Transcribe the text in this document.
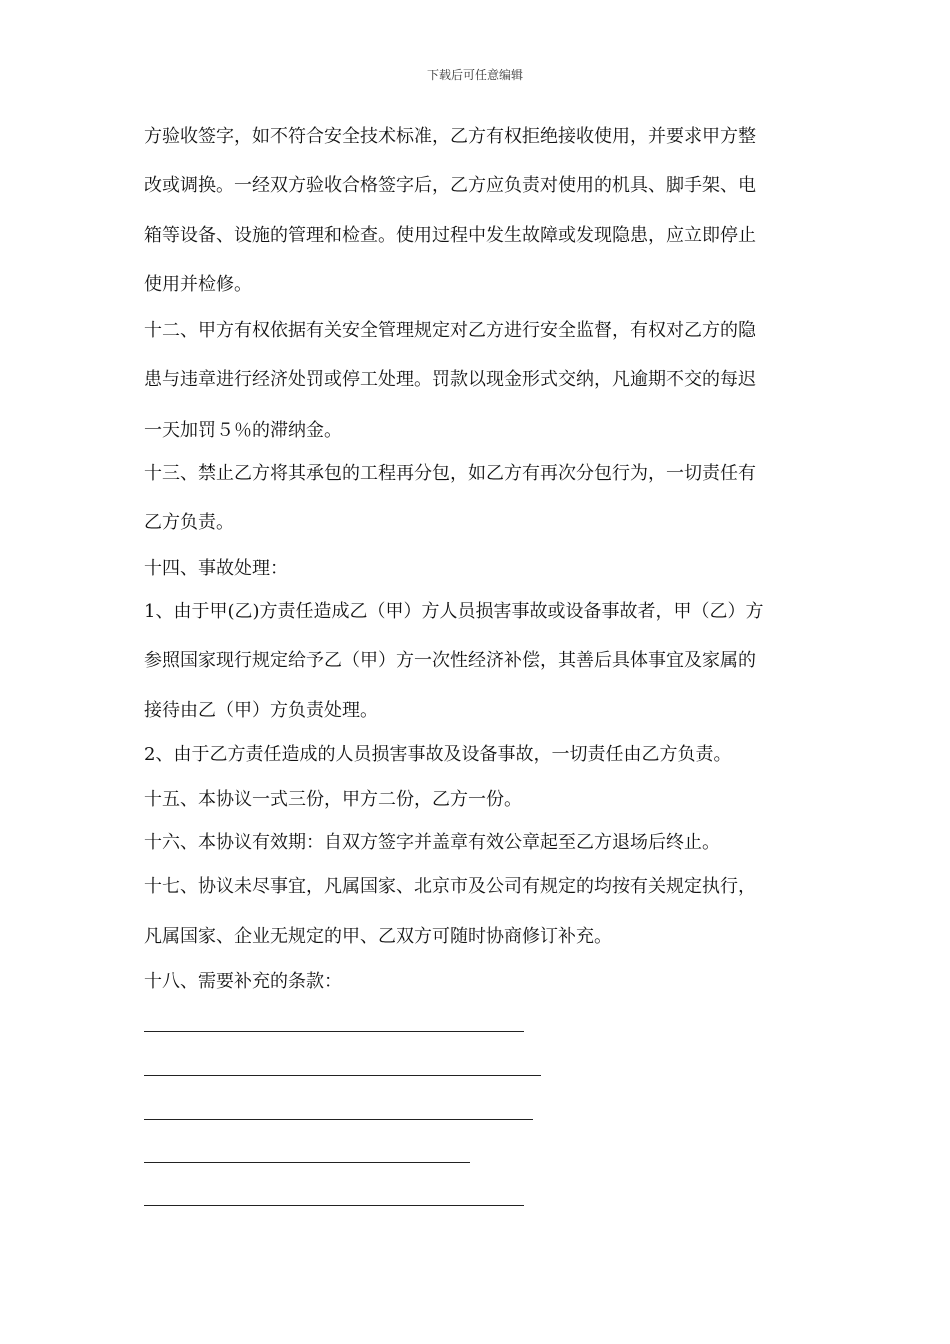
下载后可任意编辑
方验收签字，如不符合安全技术标准，乙方有权拒绝接收使用，并要求甲方整
改或调换。一经双方验收合格签字后，乙方应负责对使用的机具、脚手架、电
箱等设备、设施的管理和检查。使用过程中发生故障或发现隐患，应立即停止
使用并检修。
十二、甲方有权依据有关安全管理规定对乙方进行安全监督，有权对乙方的隐
患与违章进行经济处罚或停工处理。罚款以现金形式交纳，凡逾期不交的每迟
一天加罚５％的滞纳金。
十三、禁止乙方将其承包的工程再分包，如乙方有再次分包行为，一切责任有
乙方负责。
十四、事故处理：
1、由于甲(乙)方责任造成乙（甲）方人员损害事故或设备事故者，甲（乙）方
参照国家现行规定给予乙（甲）方一次性经济补偿，其善后具体事宜及家属的
接待由乙（甲）方负责处理。
2、由于乙方责任造成的人员损害事故及设备事故，一切责任由乙方负责。
十五、本协议一式三份，甲方二份，乙方一份。
十六、本协议有效期：自双方签字并盖章有效公章起至乙方退场后终止。
十七、协议未尽事宜，凡属国家、北京市及公司有规定的均按有关规定执行，
凡属国家、企业无规定的甲、乙双方可随时协商修订补充。
十八、需要补充的条款：
